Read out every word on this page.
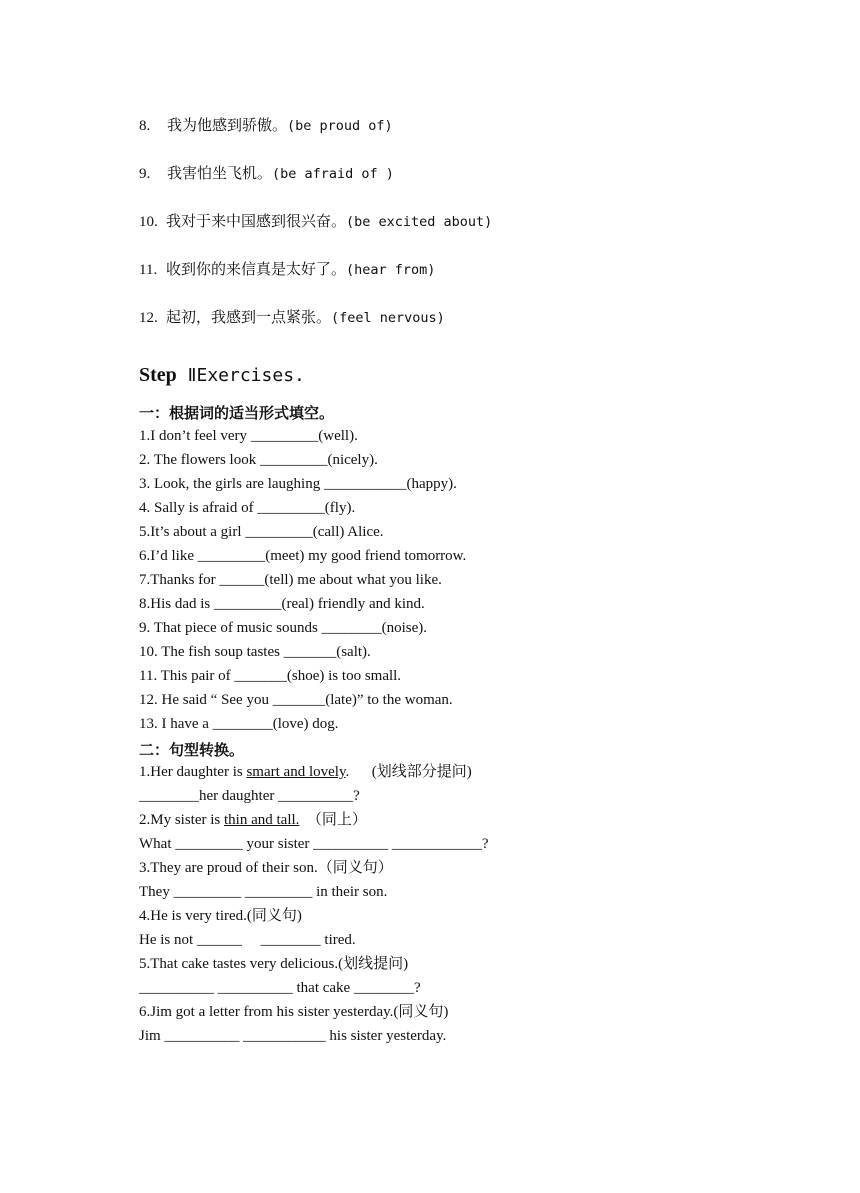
8. 我为他感到骄傲。(be proud of)
9. 我害怕坐飞机。(be afraid of )
10. 我对于来中国感到很兴奋。(be excited about)
11. 收到你的来信真是太好了。(hear from)
12. 起初，我感到一点紧张。(feel nervous)
Step ⅡExercises.
一：根据词的适当形式填空。
1.I don’t feel very _________(well).
2. The flowers look _________(nicely).
3. Look, the girls are laughing ___________(happy).
4. Sally is afraid of _________(fly).
5.It’s about a girl _________(call) Alice.
6.I’d like _________(meet) my good friend tomorrow.
7.Thanks for ______(tell) me about what you like.
8.His dad is _________(real) friendly and kind.
9. That piece of music sounds ________(noise).
10. The fish soup tastes _______(salt).
11. This pair of _______(shoe) is too small.
12. He said “ See you _______(late)” to the woman.
13. I have a ________(love) dog.
二：句型转换。
1.Her daughter is smart and lovely.      (划线部分提问)
________her daughter __________?
2.My sister is thin and tall.  （同上）
What _________ your sister __________ ____________?
3.They are proud of their son.（同义句）
They _________ _________ in their son.
4.He is very tired.(同义句)
He is not ______     ________ tired.
5.That cake tastes very delicious.(划线提问)
__________ __________ that cake ________?
6.Jim got a letter from his sister yesterday.(同义句)
Jim __________ ___________ his sister yesterday.
